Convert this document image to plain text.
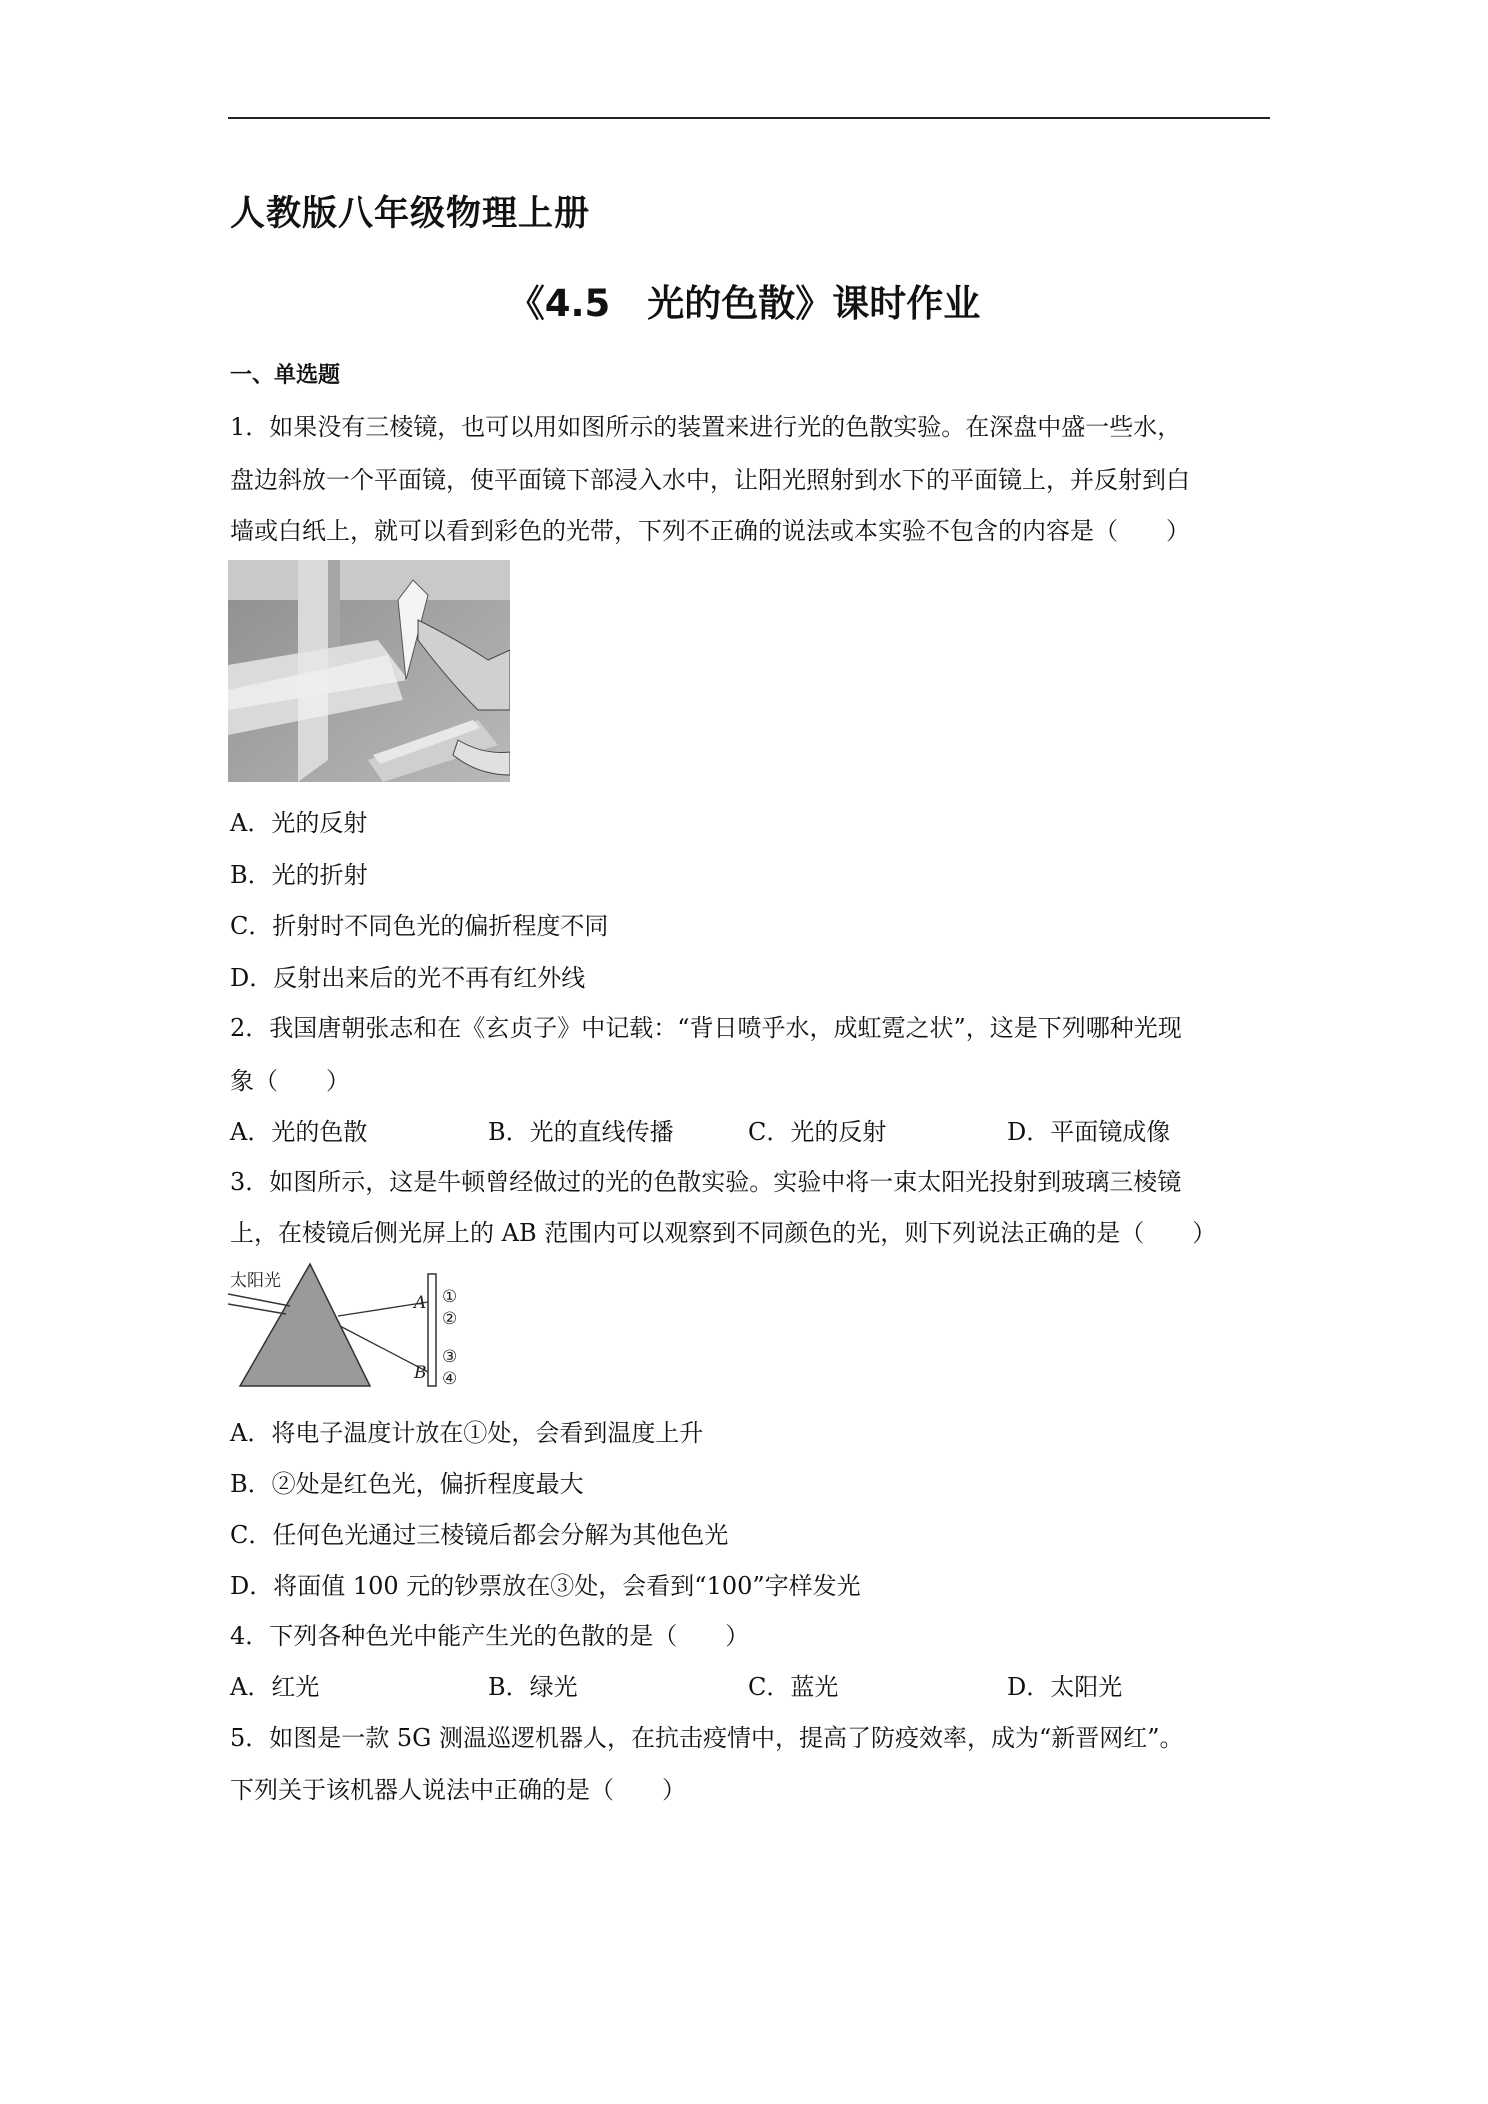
人教版八年级物理上册
《4.5　光的色散》课时作业
一、单选题
1．如果没有三棱镜，也可以用如图所示的装置来进行光的色散实验。在深盘中盛一些水，
盘边斜放一个平面镜，使平面镜下部浸入水中，让阳光照射到水下的平面镜上，并反射到白
墙或白纸上，就可以看到彩色的光带，下列不正确的说法或本实验不包含的内容是（　　）
A．光的反射
B．光的折射
C．折射时不同色光的偏折程度不同
D．反射出来后的光不再有红外线
2．我国唐朝张志和在《玄贞子》中记载：“背日喷乎水，成虹霓之状”，这是下列哪种光现
象（　　）
A．光的色散	B．光的直线传播	C．光的反射	D．平面镜成像
3．如图所示，这是牛顿曾经做过的光的色散实验。实验中将一束太阳光投射到玻璃三棱镜
上，在棱镜后侧光屏上的 AB 范围内可以观察到不同颜色的光，则下列说法正确的是（　　）
太阳光
A
B
①
②
③
④
A．将电子温度计放在①处，会看到温度上升
B．②处是红色光，偏折程度最大
C．任何色光通过三棱镜后都会分解为其他色光
D．将面值 100 元的钞票放在③处，会看到“100”字样发光
4．下列各种色光中能产生光的色散的是（　　）
A．红光	B．绿光	C．蓝光	D．太阳光
5．如图是一款 5G 测温巡逻机器人，在抗击疫情中，提高了防疫效率，成为“新晋网红”。
下列关于该机器人说法中正确的是（　　）
